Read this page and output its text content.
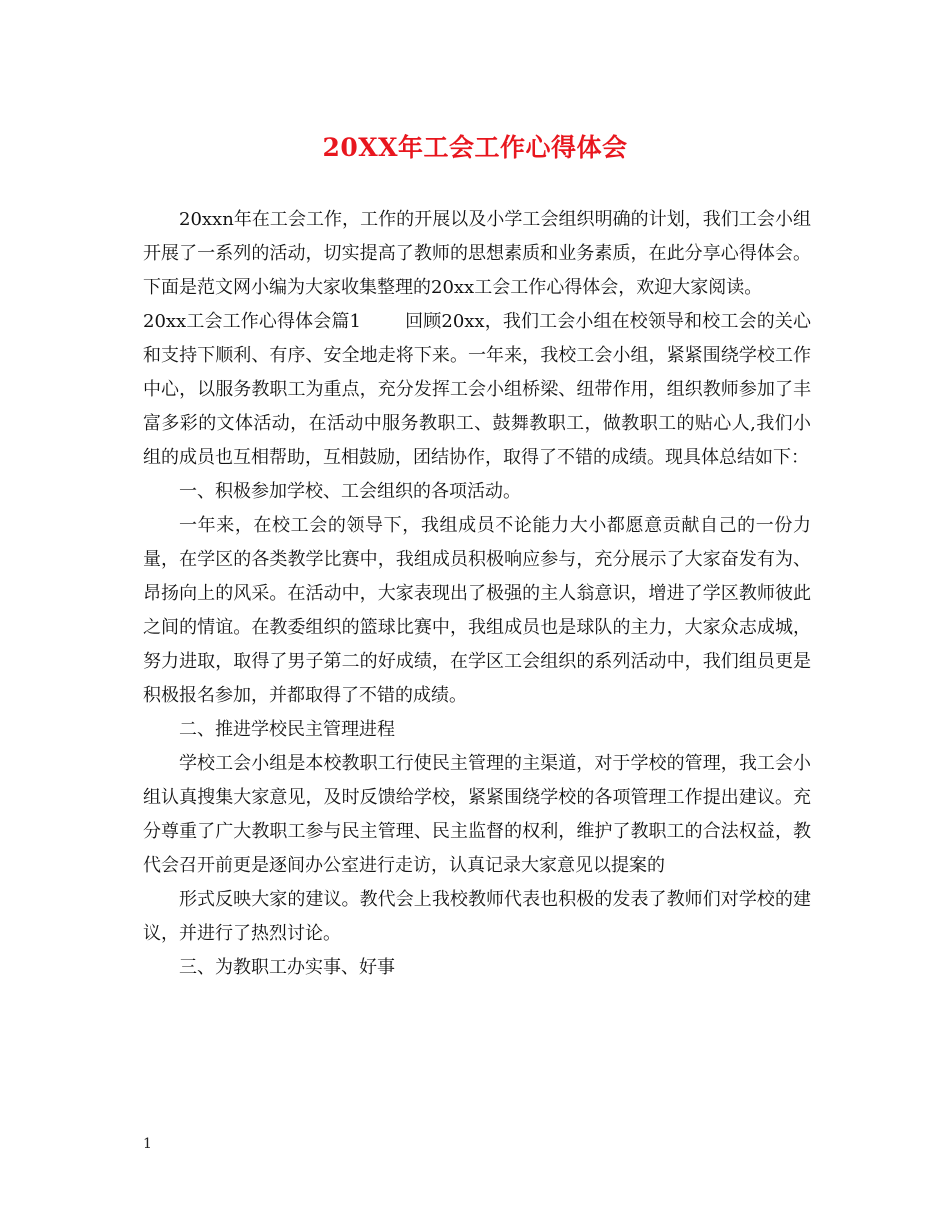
20XX年工会工作心得体会

20xxn年在工会工作，工作的开展以及小学工会组织明确的计划，我们工会小组开展了一系列的活动，切实提高了教师的思想素质和业务素质，在此分享心得体会。下面是范文网小编为大家收集整理的20xx工会工作心得体会，欢迎大家阅读。

20xx工会工作心得体会篇1 回顾20xx，我们工会小组在校领导和校工会的关心和支持下顺利、有序、安全地走将下来。一年来，我校工会小组，紧紧围绕学校工作中心，以服务教职工为重点，充分发挥工会小组桥梁、纽带作用，组织教师参加了丰富多彩的文体活动，在活动中服务教职工、鼓舞教职工，做教职工的贴心人,我们小组的成员也互相帮助，互相鼓励，团结协作，取得了不错的成绩。现具体总结如下：

一、积极参加学校、工会组织的各项活动。

一年来，在校工会的领导下，我组成员不论能力大小都愿意贡献自己的一份力量，在学区的各类教学比赛中，我组成员积极响应参与，充分展示了大家奋发有为、昂扬向上的风采。在活动中，大家表现出了极强的主人翁意识，增进了学区教师彼此之间的情谊。在教委组织的篮球比赛中，我组成员也是球队的主力，大家众志成城，努力进取，取得了男子第二的好成绩，在学区工会组织的系列活动中，我们组员更是积极报名参加，并都取得了不错的成绩。

二、推进学校民主管理进程

学校工会小组是本校教职工行使民主管理的主渠道，对于学校的管理，我工会小组认真搜集大家意见，及时反馈给学校，紧紧围绕学校的各项管理工作提出建议。充分尊重了广大教职工参与民主管理、民主监督的权利，维护了教职工的合法权益，教代会召开前更是逐间办公室进行走访，认真记录大家意见以提案的

形式反映大家的建议。教代会上我校教师代表也积极的发表了教师们对学校的建议，并进行了热烈讨论。

三、为教职工办实事、好事

1
